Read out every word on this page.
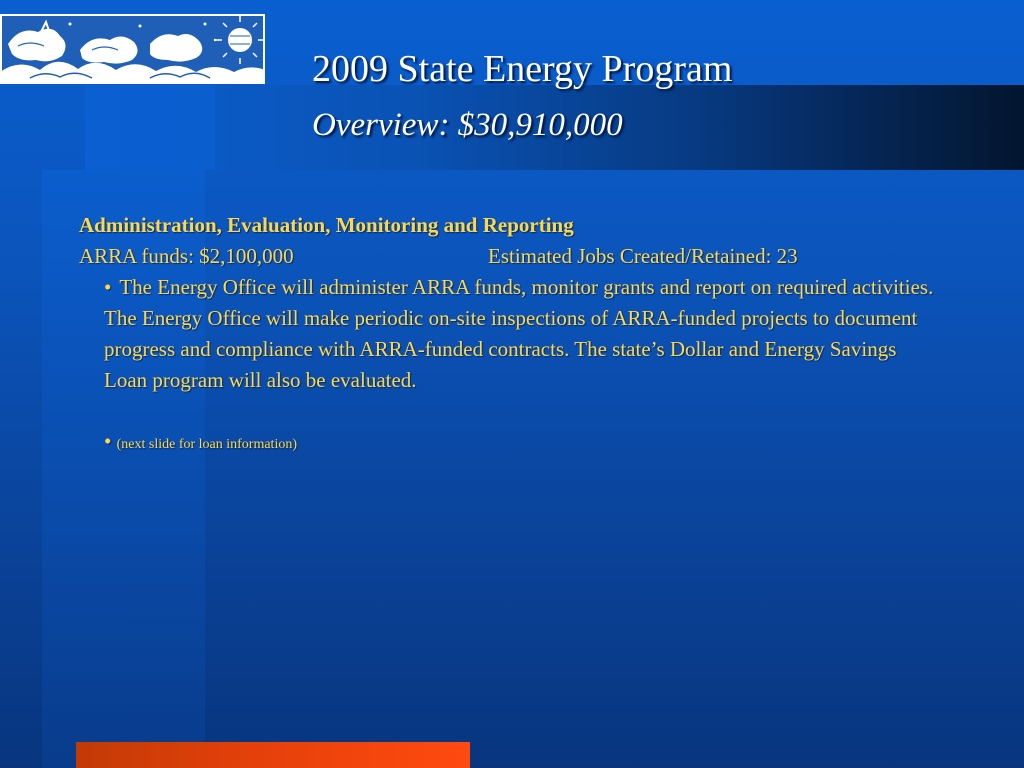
2009 State Energy Program
Overview: $30,910,000
Administration, Evaluation, Monitoring and Reporting
ARRA funds: $2,100,000	Estimated Jobs Created/Retained: 23
• The Energy Office will administer ARRA funds, monitor grants and report on required activities. The Energy Office will make periodic on-site inspections of ARRA-funded projects to document progress and compliance with ARRA-funded contracts. The state’s Dollar and Energy Savings Loan program will also be evaluated.
• (next slide for loan information)
